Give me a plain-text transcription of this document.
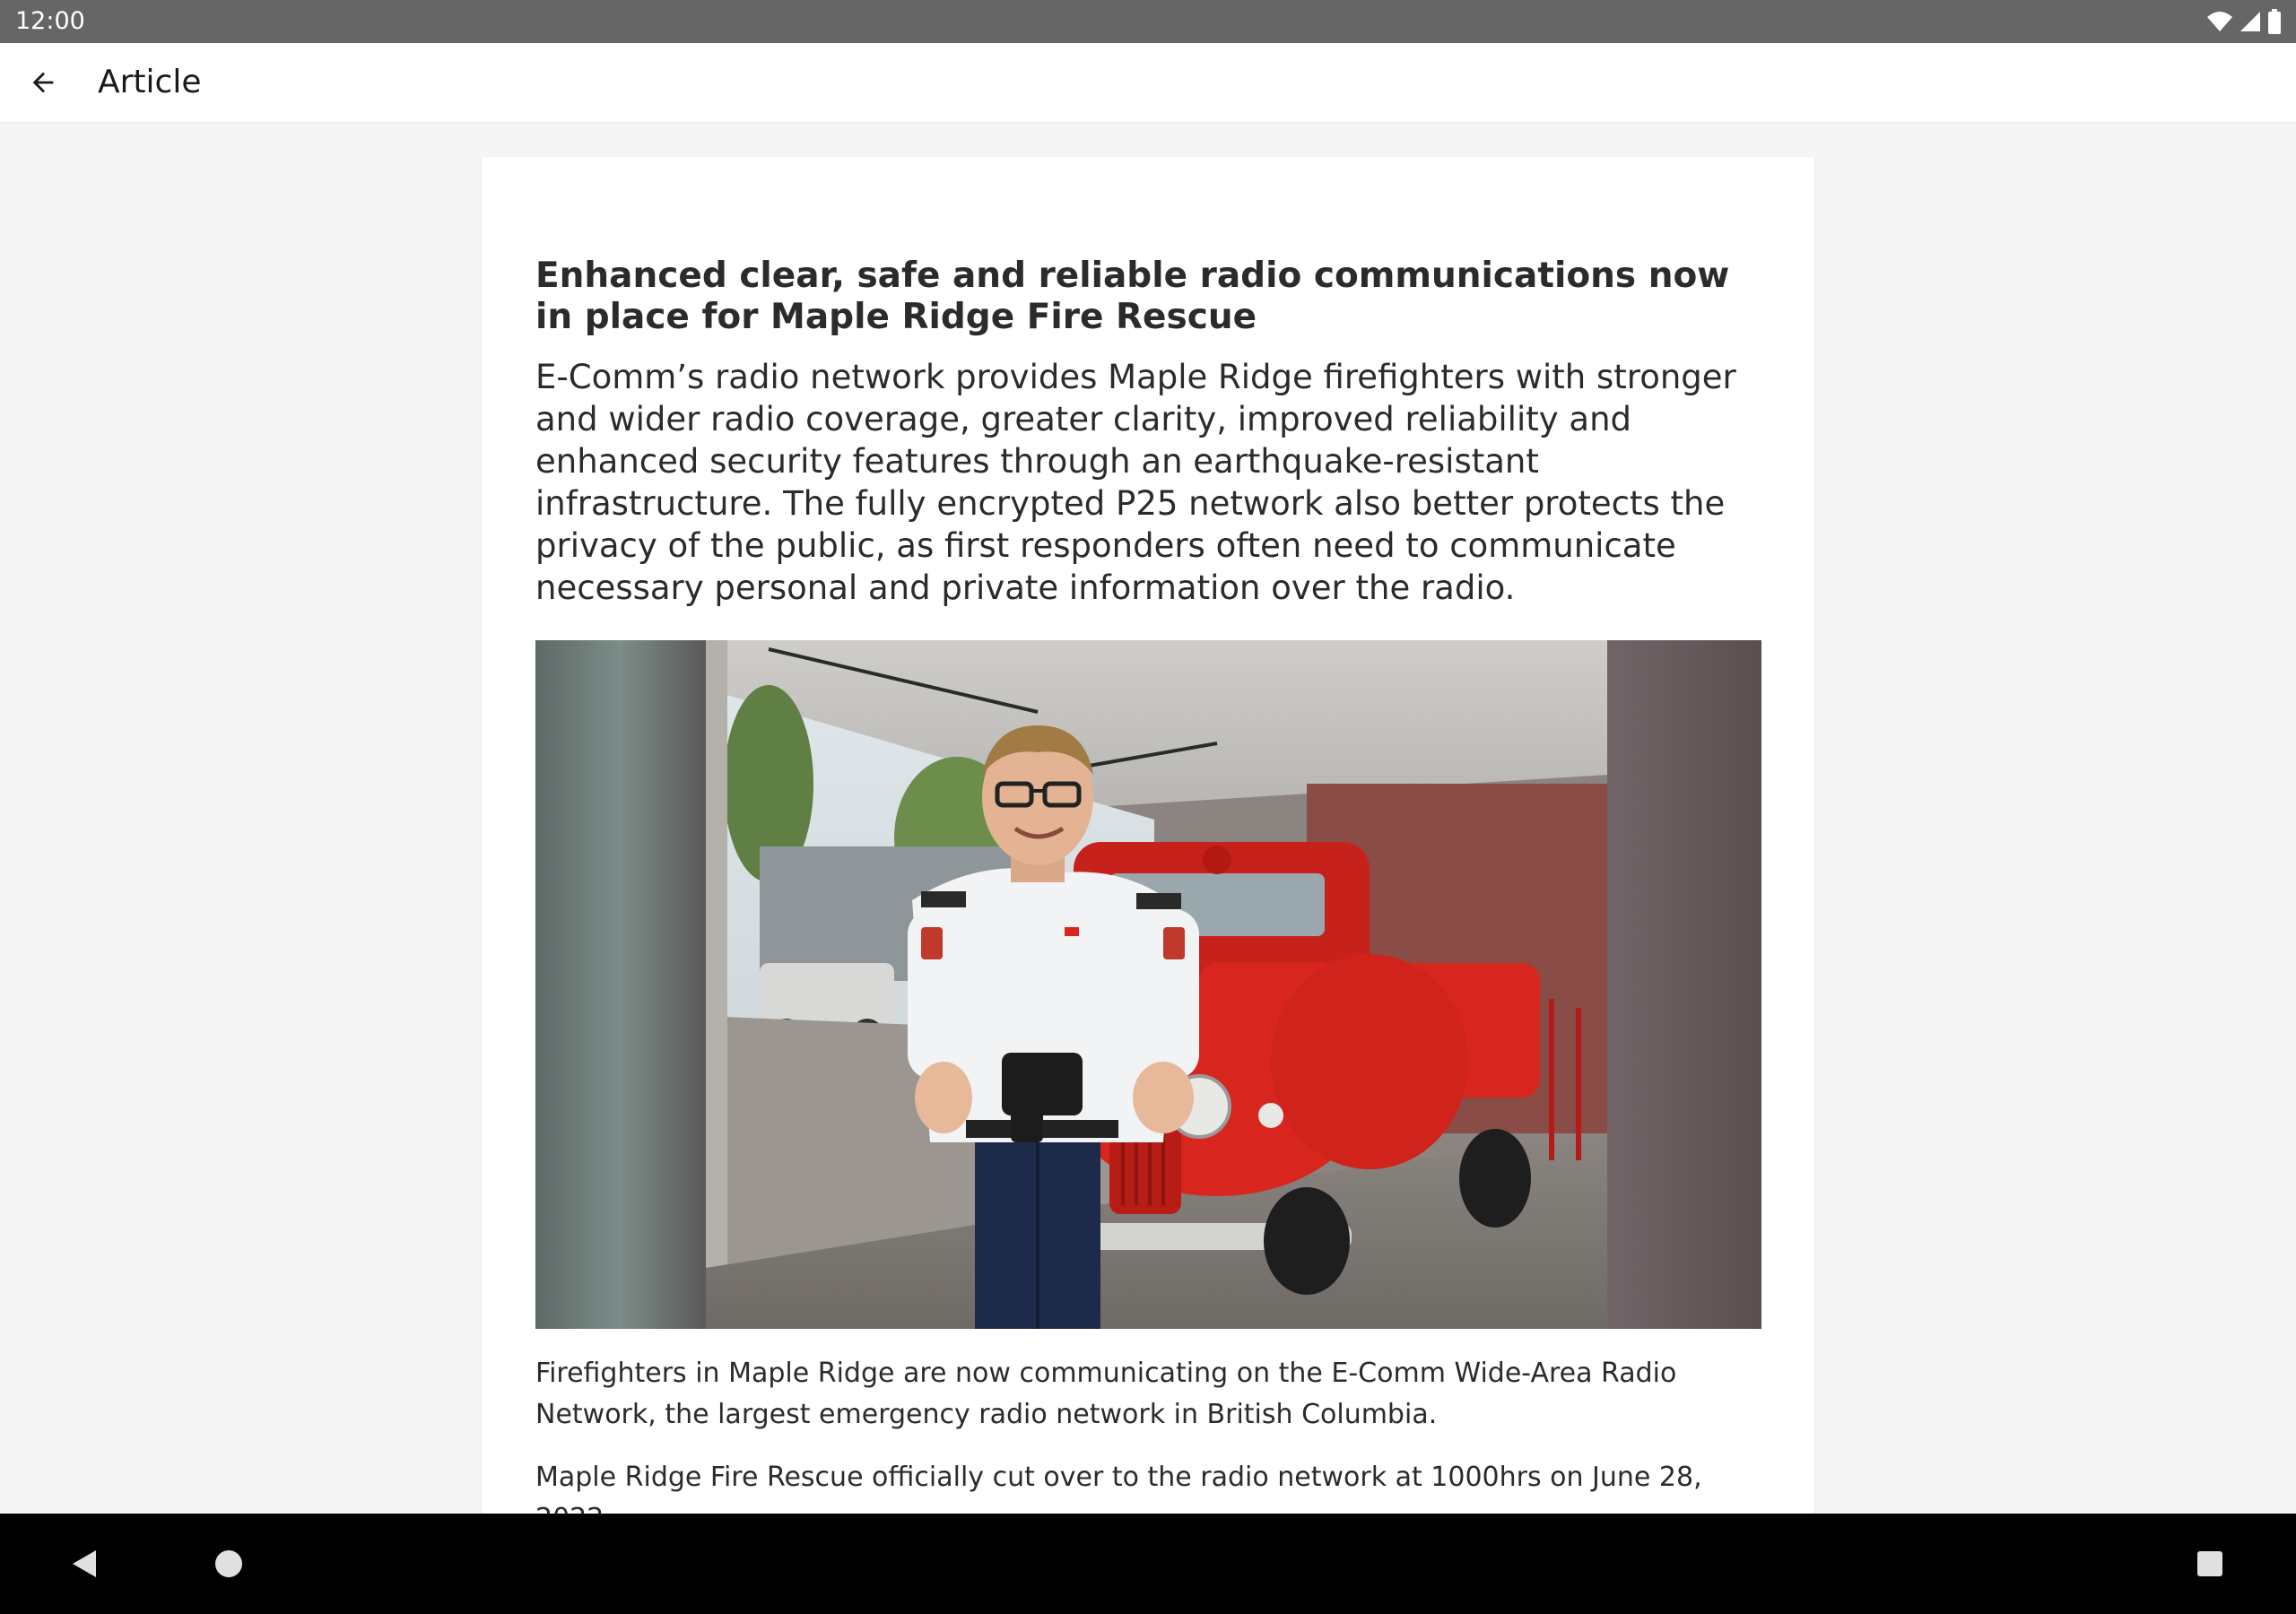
12:00
Article
Enhanced clear, safe and reliable radio communications now in place for Maple Ridge Fire Rescue

E-Comm’s radio network provides Maple Ridge firefighters with stronger and wider radio coverage, greater clarity, improved reliability and enhanced security features through an earthquake-resistant infrastructure. The fully encrypted P25 network also better protects the privacy of the public, as first responders often need to communicate necessary personal and private information over the radio.

Firefighters in Maple Ridge are now communicating on the E-Comm Wide-Area Radio Network, the largest emergency radio network in British Columbia.

Maple Ridge Fire Rescue officially cut over to the radio network at 1000hrs on June 28,
